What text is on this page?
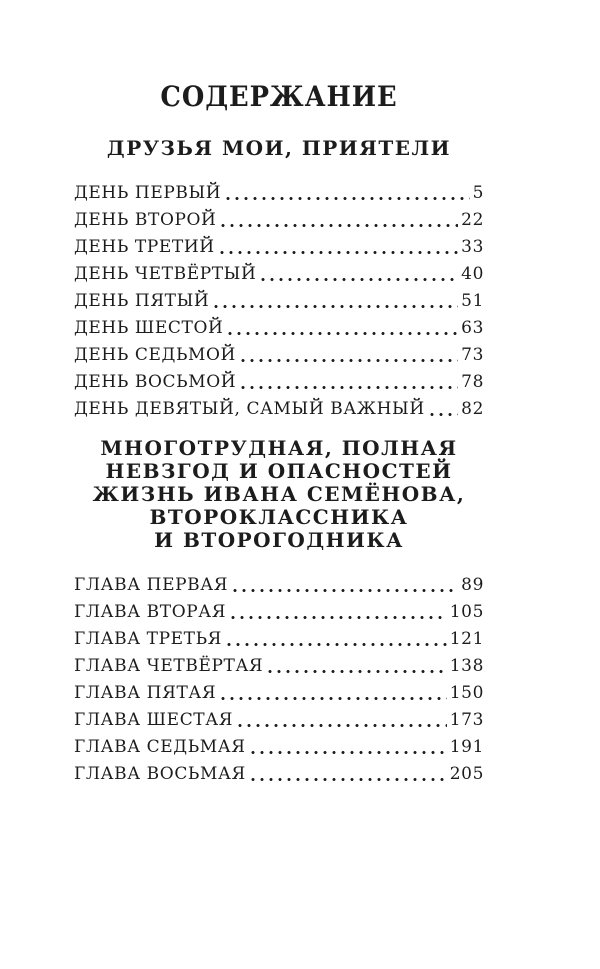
СОДЕРЖАНИЕ
ДРУЗЬЯ МОИ, ПРИЯТЕЛИ
ДЕНЬ ПЕРВЫЙ	5
ДЕНЬ ВТОРОЙ	22
ДЕНЬ ТРЕТИЙ	33
ДЕНЬ ЧЕТВЁРТЫЙ	40
ДЕНЬ ПЯТЫЙ	51
ДЕНЬ ШЕСТОЙ	63
ДЕНЬ СЕДЬМОЙ	73
ДЕНЬ ВОСЬМОЙ	78
ДЕНЬ ДЕВЯТЫЙ, САМЫЙ ВАЖНЫЙ 82
МНОГОТРУДНАЯ, ПОЛНАЯ
НЕВЗГОД И ОПАСНОСТЕЙ
ЖИЗНЬ ИВАНА СЕМЁНОВА,
ВТОРОКЛАССНИКА
И ВТОРОГОДНИКА
ГЛАВА ПЕРВАЯ	89
ГЛАВА ВТОРАЯ	105
ГЛАВА ТРЕТЬЯ	121
ГЛАВА ЧЕТВЁРТАЯ	138
ГЛАВА ПЯТАЯ	150
ГЛАВА ШЕСТАЯ	173
ГЛАВА СЕДЬМАЯ	191
ГЛАВА ВОСЬМАЯ	205
